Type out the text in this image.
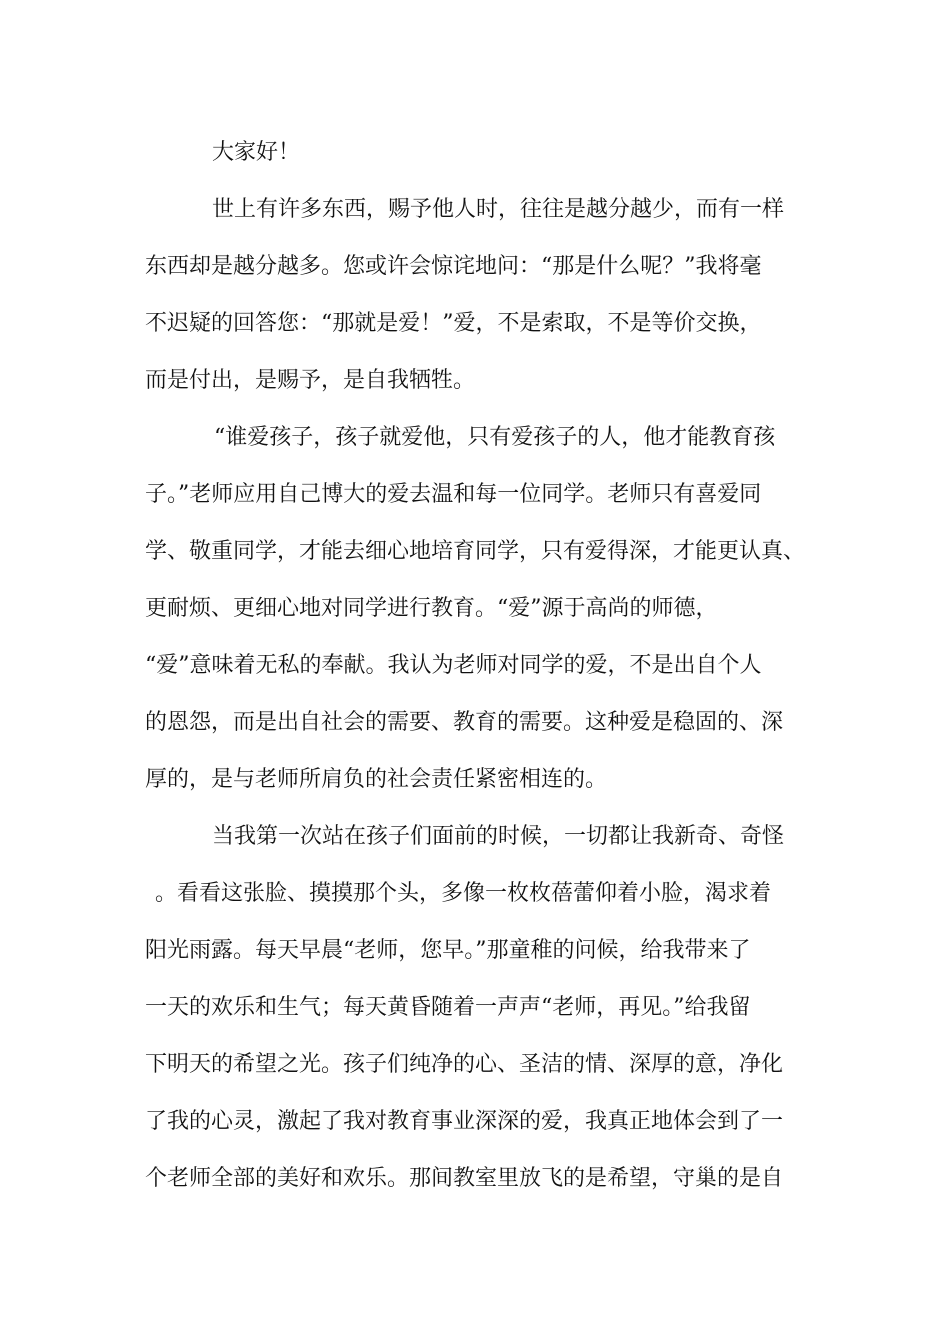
大家好！
世上有许多东西，赐予他人时，往往是越分越少，而有一样
东西却是越分越多。您或许会惊诧地问：“那是什么呢？”我将毫
不迟疑的回答您：“那就是爱！”爱，不是索取，不是等价交换，
而是付出，是赐予，是自我牺牲。
“谁爱孩子，孩子就爱他，只有爱孩子的人，他才能教育孩
子。”老师应用自己博大的爱去温和每一位同学。老师只有喜爱同
学、敬重同学，才能去细心地培育同学，只有爱得深，才能更认真、
更耐烦、更细心地对同学进行教育。“爱”源于高尚的师德，
“爱”意味着无私的奉献。我认为老师对同学的爱，不是出自个人
的恩怨，而是出自社会的需要、教育的需要。这种爱是稳固的、深
厚的，是与老师所肩负的社会责任紧密相连的。
当我第一次站在孩子们面前的时候，一切都让我新奇、奇怪
。看看这张脸、摸摸那个头，多像一枚枚蓓蕾仰着小脸，渴求着
阳光雨露。每天早晨“老师，您早。”那童稚的问候，给我带来了
一天的欢乐和生气；每天黄昏随着一声声“老师，再见。”给我留
下明天的希望之光。孩子们纯净的心、圣洁的情、深厚的意，净化
了我的心灵，激起了我对教育事业深深的爱，我真正地体会到了一
个老师全部的美好和欢乐。那间教室里放飞的是希望，守巢的是自
